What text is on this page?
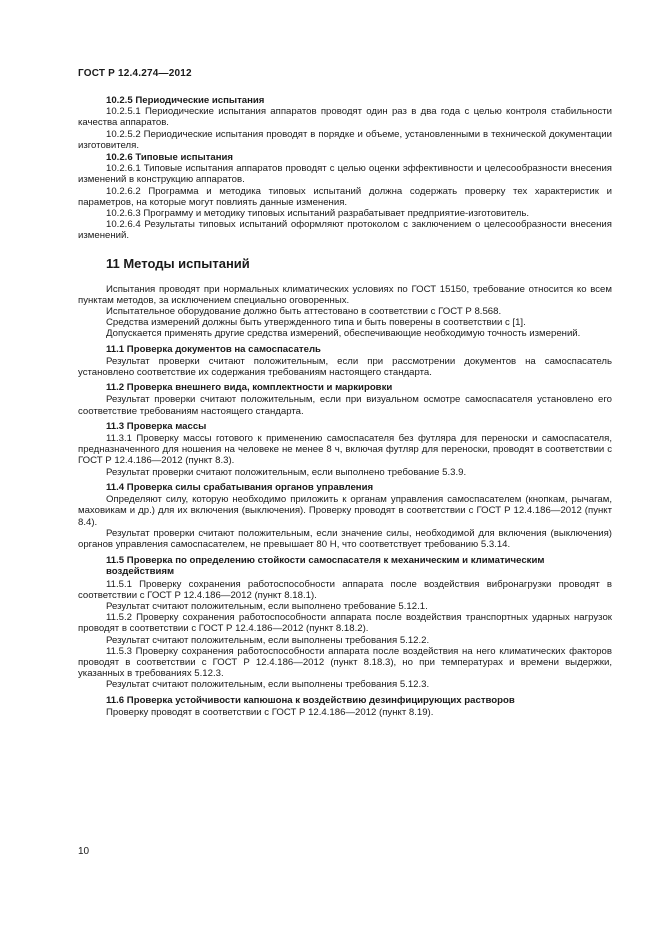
ГОСТ Р 12.4.274—2012

10.2.5 Периодические испытания

10.2.5.1 Периодические испытания аппаратов проводят один раз в два года с целью контроля стабильности качества аппаратов.

10.2.5.2 Периодические испытания проводят в порядке и объеме, установленными в технической документации изготовителя.

10.2.6 Типовые испытания

10.2.6.1 Типовые испытания аппаратов проводят с целью оценки эффективности и целесообразности внесения изменений в конструкцию аппаратов.

10.2.6.2 Программа и методика типовых испытаний должна содержать проверку тех характеристик и параметров, на которые могут повлиять данные изменения.

10.2.6.3 Программу и методику типовых испытаний разрабатывает предприятие-изготовитель.

10.2.6.4 Результаты типовых испытаний оформляют протоколом с заключением о целесообразности внесения изменений.

11 Методы испытаний

Испытания проводят при нормальных климатических условиях по ГОСТ 15150, требование относится ко всем пунктам методов, за исключением специально оговоренных.

Испытательное оборудование должно быть аттестовано в соответствии с ГОСТ Р 8.568.

Средства измерений должны быть утвержденного типа и быть поверены в соответствии с [1].

Допускается применять другие средства измерений, обеспечивающие необходимую точность измерений.

11.1 Проверка документов на самоспасатель

Результат проверки считают положительным, если при рассмотрении документов на самоспасатель установлено соответствие их содержания требованиям настоящего стандарта.

11.2 Проверка внешнего вида, комплектности и маркировки

Результат проверки считают положительным, если при визуальном осмотре самоспасателя установлено его соответствие требованиям настоящего стандарта.

11.3 Проверка массы

11.3.1 Проверку массы готового к применению самоспасателя без футляра для переноски и самоспасателя, предназначенного для ношения на человеке не менее 8 ч, включая футляр для переноски, проводят в соответствии с ГОСТ Р 12.4.186—2012 (пункт 8.3).

Результат проверки считают положительным, если выполнено требование 5.3.9.

11.4 Проверка силы срабатывания органов управления

Определяют силу, которую необходимо приложить к органам управления самоспасателем (кнопкам, рычагам, маховикам и др.) для их включения (выключения). Проверку проводят в соответствии с ГОСТ Р 12.4.186—2012 (пункт 8.4).

Результат проверки считают положительным, если значение силы, необходимой для включения (выключения) органов управления самоспасателем, не превышает 80 Н, что соответствует требованию 5.3.14.

11.5 Проверка по определению стойкости самоспасателя к механическим и климатическим
воздействиям

11.5.1 Проверку сохранения работоспособности аппарата после воздействия вибронагрузки проводят в соответствии с ГОСТ Р 12.4.186—2012 (пункт 8.18.1).

Результат считают положительным, если выполнено требование 5.12.1.

11.5.2 Проверку сохранения работоспособности аппарата после воздействия транспортных ударных нагрузок проводят в соответствии с ГОСТ Р 12.4.186—2012 (пункт 8.18.2).

Результат считают положительным, если выполнены требования 5.12.2.

11.5.3 Проверку сохранения работоспособности аппарата после воздействия на него климатических факторов проводят в соответствии с ГОСТ Р 12.4.186—2012 (пункт 8.18.3), но при температурах и времени выдержки, указанных в требованиях 5.12.3.

Результат считают положительным, если выполнены требования 5.12.3.

11.6 Проверка устойчивости капюшона к воздействию дезинфицирующих растворов

Проверку проводят в соответствии с ГОСТ Р 12.4.186—2012 (пункт 8.19).

10
